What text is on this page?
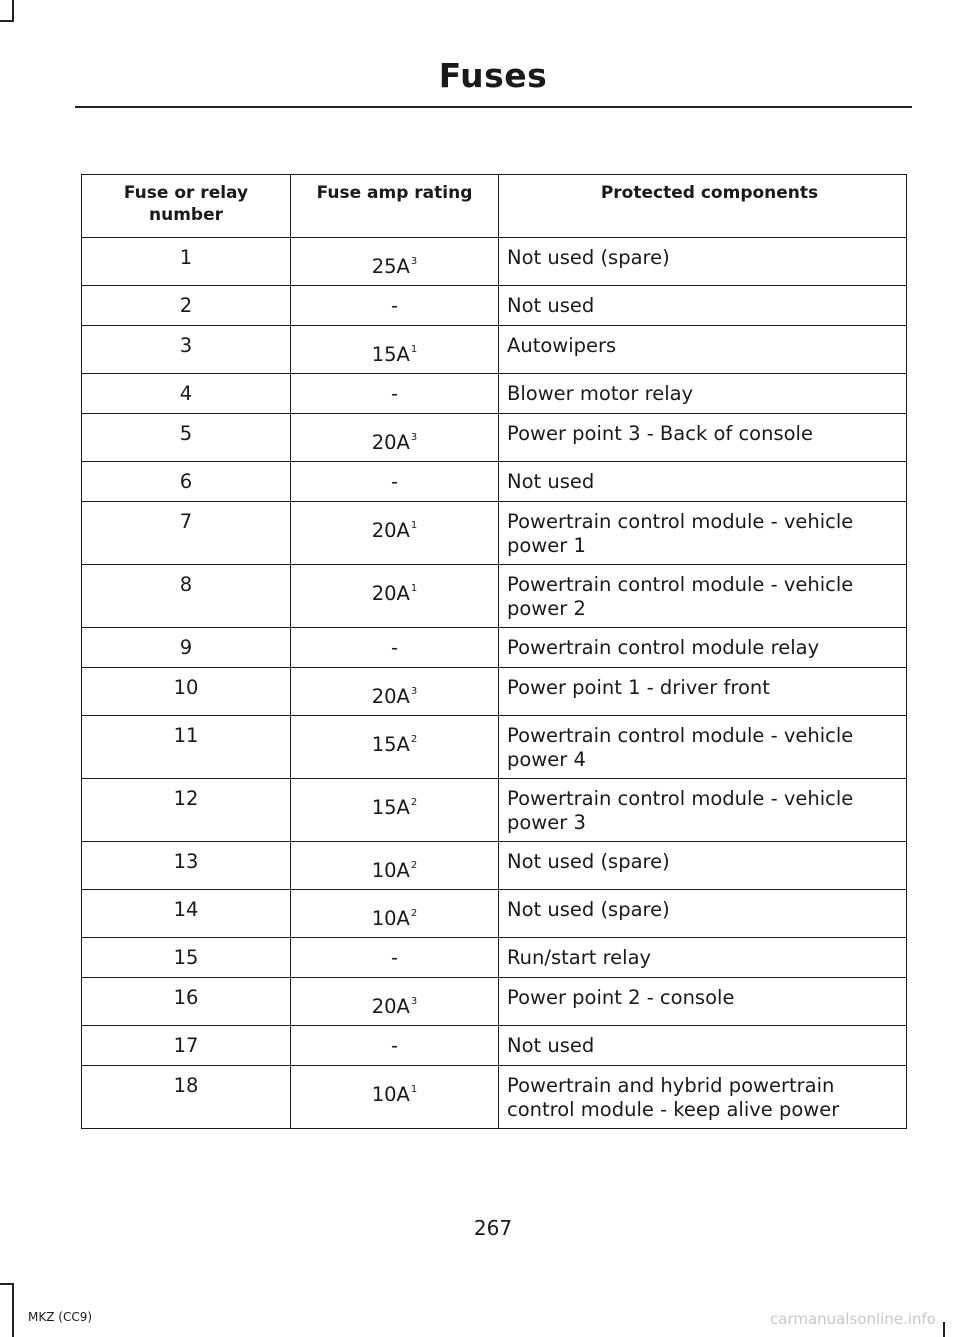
Fuses
Fuse or relay number	Fuse amp rating	Protected components
1	$25A^3$	Not used (spare)
2	-	Not used
3	$15A^1$	Autowipers
4	-	Blower motor relay
5	$20A^3$	Power point 3 - Back of console
6	-	Not used
7	$20A^1$	Powertrain control module - vehicle power 1
8	$20A^1$	Powertrain control module - vehicle power 2
9	-	Powertrain control module relay
10	$20A^3$	Power point 1 - driver front
11	$15A^2$	Powertrain control module - vehicle power 4
12	$15A^2$	Powertrain control module - vehicle power 3
13	$10A^2$	Not used (spare)
14	$10A^2$	Not used (spare)
15	-	Run/start relay
16	$20A^3$	Power point 2 - console
17	-	Not used
18	$10A^1$	Powertrain and hybrid powertrain control module - keep alive power
267
MKZ (CC9)	carmanualsonline.info
